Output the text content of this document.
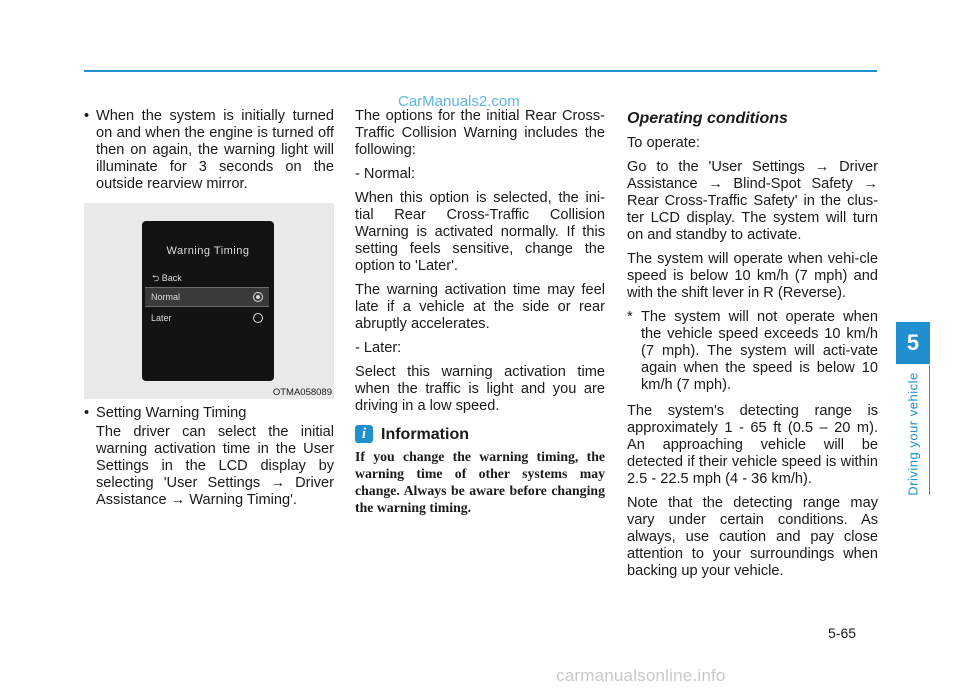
CarManuals2.com

• When the system is initially turned on and when the engine is turned off then on again, the warning light will illuminate for 3 seconds on the outside rearview mirror.

Warning Timing
⮌ Back
Normal
Later
OTMA058089

• Setting Warning Timing

The driver can select the initial warning activation time in the User Settings in the LCD display by selecting 'User Settings → Driver Assistance → Warning Timing'.

The options for the initial Rear Cross-Traffic Collision Warning includes the following:

- Normal:

When this option is selected, the ini-tial Rear Cross-Traffic Collision Warning is activated normally. If this setting feels sensitive, change the option to 'Later'.

The warning activation time may feel late if a vehicle at the side or rear abruptly accelerates.

- Later:

Select this warning activation time when the traffic is light and you are driving in a low speed.

i Information

If you change the warning timing, the warning time of other systems may change. Always be aware before changing the warning timing.

Operating conditions

To operate:

Go to the 'User Settings → Driver Assistance → Blind-Spot Safety → Rear Cross-Traffic Safety' in the clus-ter LCD display. The system will turn on and standby to activate.

The system will operate when vehi-cle speed is below 10 km/h (7 mph) and with the shift lever in R (Reverse).

* The system will not operate when the vehicle speed exceeds 10 km/h (7 mph). The system will acti-vate again when the speed is below 10 km/h (7 mph).

The system's detecting range is approximately 1 - 65 ft (0.5 – 20 m). An approaching vehicle will be detected if their vehicle speed is within 2.5 - 22.5 mph (4 - 36 km/h).

Note that the detecting range may vary under certain conditions. As always, use caution and pay close attention to your surroundings when backing up your vehicle.

5
Driving your vehicle
5-65
carmanualsonline.info
